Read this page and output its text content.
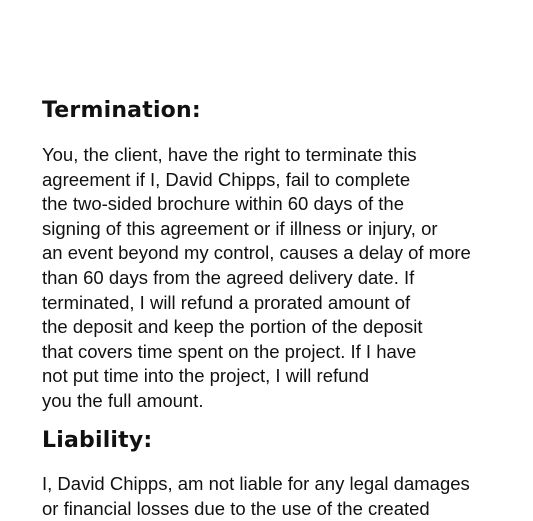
Termination:
You, the client, have the right to terminate this
agreement if I, David Chipps, fail to complete
the two-sided brochure within 60 days of the
signing of this agreement or if illness or injury, or
an event beyond my control, causes a delay of more
than 60 days from the agreed delivery date. If
terminated, I will refund a prorated amount of
the deposit and keep the portion of the deposit
that covers time spent on the project. If I have
not put time into the project, I will refund
you the full amount.
Liability:
I, David Chipps, am not liable for any legal damages
or financial losses due to the use of the created
